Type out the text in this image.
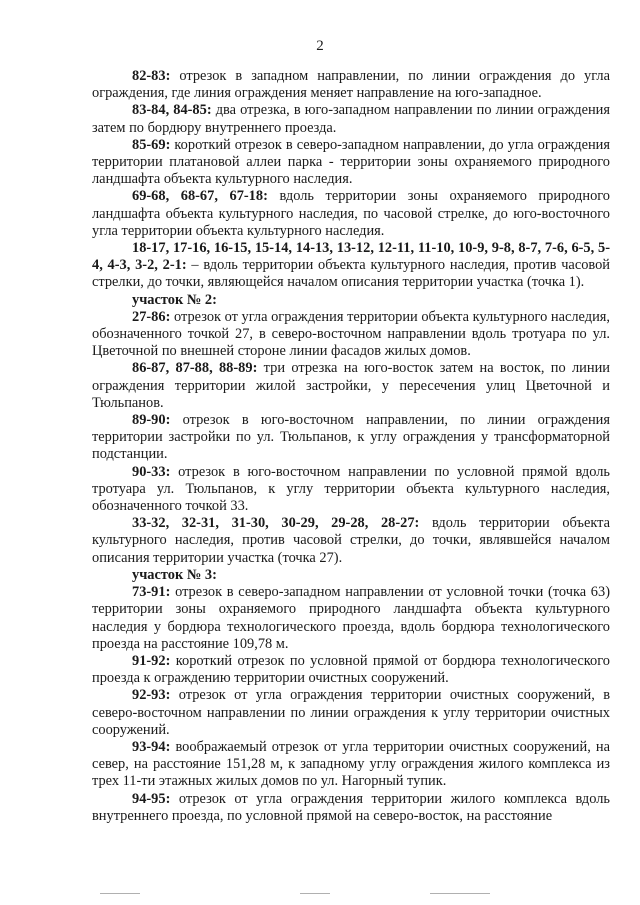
2

82-83: отрезок в западном направлении, по линии ограждения до угла ограждения, где линия ограждения меняет направление на юго-западное.

83-84, 84-85: два отрезка, в юго-западном направлении по линии ограждения затем по бордюру внутреннего проезда.

85-69: короткий отрезок в северо-западном направлении, до угла ограждения территории платановой аллеи парка - территории зоны охраняемого природного ландшафта объекта культурного наследия.

69-68, 68-67, 67-18: вдоль территории зоны охраняемого природного ландшафта объекта культурного наследия, по часовой стрелке, до юго-восточного угла территории объекта культурного наследия.

18-17, 17-16, 16-15, 15-14, 14-13, 13-12, 12-11, 11-10, 10-9, 9-8, 8-7, 7-6, 6-5, 5-4, 4-3, 3-2, 2-1: – вдоль территории объекта культурного наследия, против часовой стрелки, до точки, являющейся началом описания территории участка (точка 1).

участок № 2:

27-86: отрезок от угла ограждения территории объекта культурного наследия, обозначенного точкой 27, в северо-восточном направлении вдоль тротуара по ул. Цветочной по внешней стороне линии фасадов жилых домов.

86-87, 87-88, 88-89: три отрезка на юго-восток затем на восток, по линии ограждения территории жилой застройки, у пересечения улиц Цветочной и Тюльпанов.

89-90: отрезок в юго-восточном направлении, по линии ограждения территории застройки по ул. Тюльпанов, к углу ограждения у трансформаторной подстанции.

90-33: отрезок в юго-восточном направлении по условной прямой вдоль тротуара ул. Тюльпанов, к углу территории объекта культурного наследия, обозначенного точкой 33.

33-32, 32-31, 31-30, 30-29, 29-28, 28-27: вдоль территории объекта культурного наследия, против часовой стрелки, до точки, являвшейся началом описания территории участка (точка 27).

участок № 3:

73-91: отрезок в северо-западном направлении от условной точки (точка 63) территории зоны охраняемого природного ландшафта объекта культурного наследия у бордюра технологического проезда, вдоль бордюра технологического проезда на расстояние 109,78 м.

91-92: короткий отрезок по условной прямой от бордюра технологического проезда к ограждению территории очистных сооружений.

92-93: отрезок от угла ограждения территории очистных сооружений, в северо-восточном направлении по линии ограждения к углу территории очистных сооружений.

93-94: воображаемый отрезок от угла территории очистных сооружений, на север, на расстояние 151,28 м, к западному углу ограждения жилого комплекса из трех 11-ти этажных жилых домов по ул. Нагорный тупик.

94-95: отрезок от угла ограждения территории жилого комплекса вдоль внутреннего проезда, по условной прямой на северо-восток, на расстояние
